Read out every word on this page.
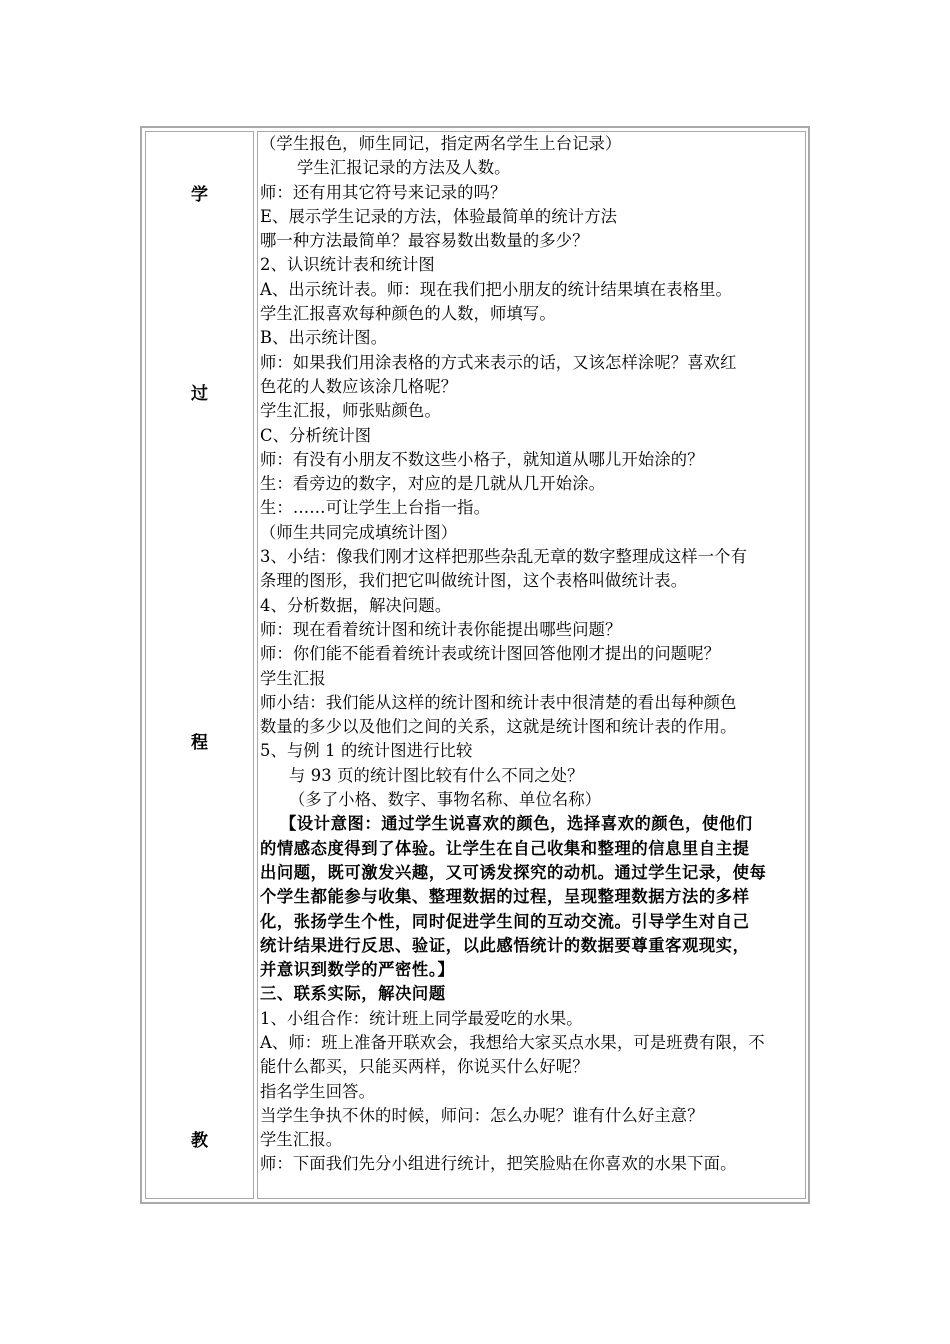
学
过
程
教
（学生报色，师生同记，指定两名学生上台记录）
学生汇报记录的方法及人数。
师：还有用其它符号来记录的吗？
E、展示学生记录的方法，体验最简单的统计方法
哪一种方法最简单？最容易数出数量的多少？
2、认识统计表和统计图
A、出示统计表。师：现在我们把小朋友的统计结果填在表格里。
学生汇报喜欢每种颜色的人数，师填写。
B、出示统计图。
师：如果我们用涂表格的方式来表示的话，又该怎样涂呢？喜欢红
色花的人数应该涂几格呢？
学生汇报，师张贴颜色。
C、分析统计图
师：有没有小朋友不数这些小格子，就知道从哪儿开始涂的？
生：看旁边的数字，对应的是几就从几开始涂。
生：……可让学生上台指一指。
（师生共同完成填统计图）
3、小结：像我们刚才这样把那些杂乱无章的数字整理成这样一个有
条理的图形，我们把它叫做统计图，这个表格叫做统计表。
4、分析数据，解决问题。
师：现在看着统计图和统计表你能提出哪些问题？
师：你们能不能看着统计表或统计图回答他刚才提出的问题呢？
学生汇报
师小结：我们能从这样的统计图和统计表中很清楚的看出每种颜色
数量的多少以及他们之间的关系，这就是统计图和统计表的作用。
5、与例 1 的统计图进行比较
与 93 页的统计图比较有什么不同之处？
（多了小格、数字、事物名称、单位名称）
【设计意图：通过学生说喜欢的颜色，选择喜欢的颜色，使他们
的情感态度得到了体验。让学生在自己收集和整理的信息里自主提
出问题，既可激发兴趣，又可诱发探究的动机。通过学生记录，使每
个学生都能参与收集、整理数据的过程，呈现整理数据方法的多样
化，张扬学生个性，同时促进学生间的互动交流。引导学生对自己
统计结果进行反思、验证，以此感悟统计的数据要尊重客观现实，
并意识到数学的严密性。】
三、联系实际，解决问题
1、小组合作：统计班上同学最爱吃的水果。
A、师：班上准备开联欢会，我想给大家买点水果，可是班费有限，不
能什么都买，只能买两样，你说买什么好呢？
指名学生回答。
当学生争执不休的时候，师问：怎么办呢？谁有什么好主意？
学生汇报。
师：下面我们先分小组进行统计，把笑脸贴在你喜欢的水果下面。
